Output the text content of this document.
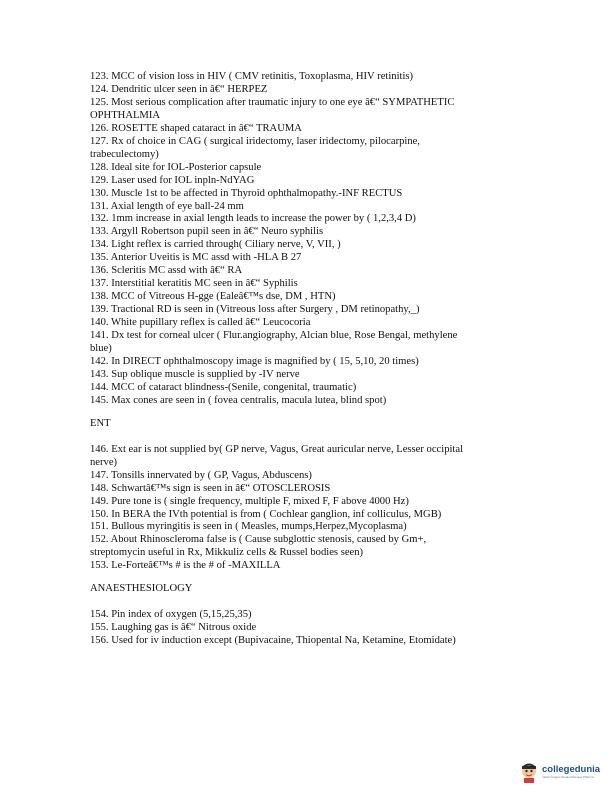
123. MCC of vision loss in HIV ( CMV retinitis, Toxoplasma, HIV retinitis)
124. Dendritic ulcer seen in â€“ HERPEZ
125. Most serious complication after traumatic injury to one eye â€“ SYMPATHETIC
OPHTHALMIA
126. ROSETTE shaped cataract in â€“ TRAUMA
127. Rx of choice in CAG ( surgical iridectomy, laser iridectomy, pilocarpine,
trabeculectomy)
128. Ideal site for IOL-Posterior capsule
129. Laser used for IOL inpln-NdYAG
130. Muscle 1st to be affected in Thyroid ophthalmopathy.-INF RECTUS
131. Axial length of eye ball-24 mm
132. 1mm increase in axial length leads to increase the power by ( 1,2,3,4 D)
133. Argyll Robertson pupil seen in â€“ Neuro syphilis
134. Light reflex is carried through( Ciliary nerve, V, VII, )
135. Anterior Uveitis is MC assd with -HLA B 27
136. Scleritis MC assd with â€“ RA
137. Interstitial keratitis MC seen in â€“ Syphilis
138. MCC of Vitreous H-gge (Ealeâ€™s dse, DM , HTN)
139. Tractional RD is seen in (Vitreous loss after Surgery , DM retinopathy,_)
140. White pupillary reflex is called â€“ Leucocoria
141. Dx test for corneal ulcer ( Flur.angiography, Alcian blue, Rose Bengal, methylene
blue)
142. In DIRECT ophthalmoscopy image is magnified by ( 15, 5,10, 20 times)
143. Sup oblique muscle is supplied by -IV nerve
144. MCC of cataract blindness-(Senile, congenital, traumatic)
145. Max cones are seen in ( fovea centralis, macula lutea, blind spot)
ENT
146. Ext ear is not supplied by( GP nerve, Vagus, Great auricular nerve, Lesser occipital
nerve)
147. Tonsills innervated by ( GP, Vagus, Abduscens)
148. Schwartâ€™s sign is seen in â€“ OTOSCLEROSIS
149. Pure tone is ( single frequency, multiple F, mixed F, F above 4000 Hz)
150. In BERA the IVth potential is from ( Cochlear ganglion, inf colliculus, MGB)
151. Bullous myringitis is seen in ( Measles, mumps,Herpez,Mycoplasma)
152. About Rhinoscleroma false is ( Cause subglottic stenosis, caused by Gm+,
streptomycin useful in Rx, Mikkuliz cells & Russel bodies seen)
153. Le-Forteâ€™s # is the # of -MAXILLA
ANAESTHESIOLOGY
154. Pin index of oxygen (5,15,25,35)
155. Laughing gas is â€“ Nitrous oxide
156. Used for iv induction except (Bupivacaine, Thiopental Na, Ketamine, Etomidate)
collegedunia
India's largest Student Review Platform
